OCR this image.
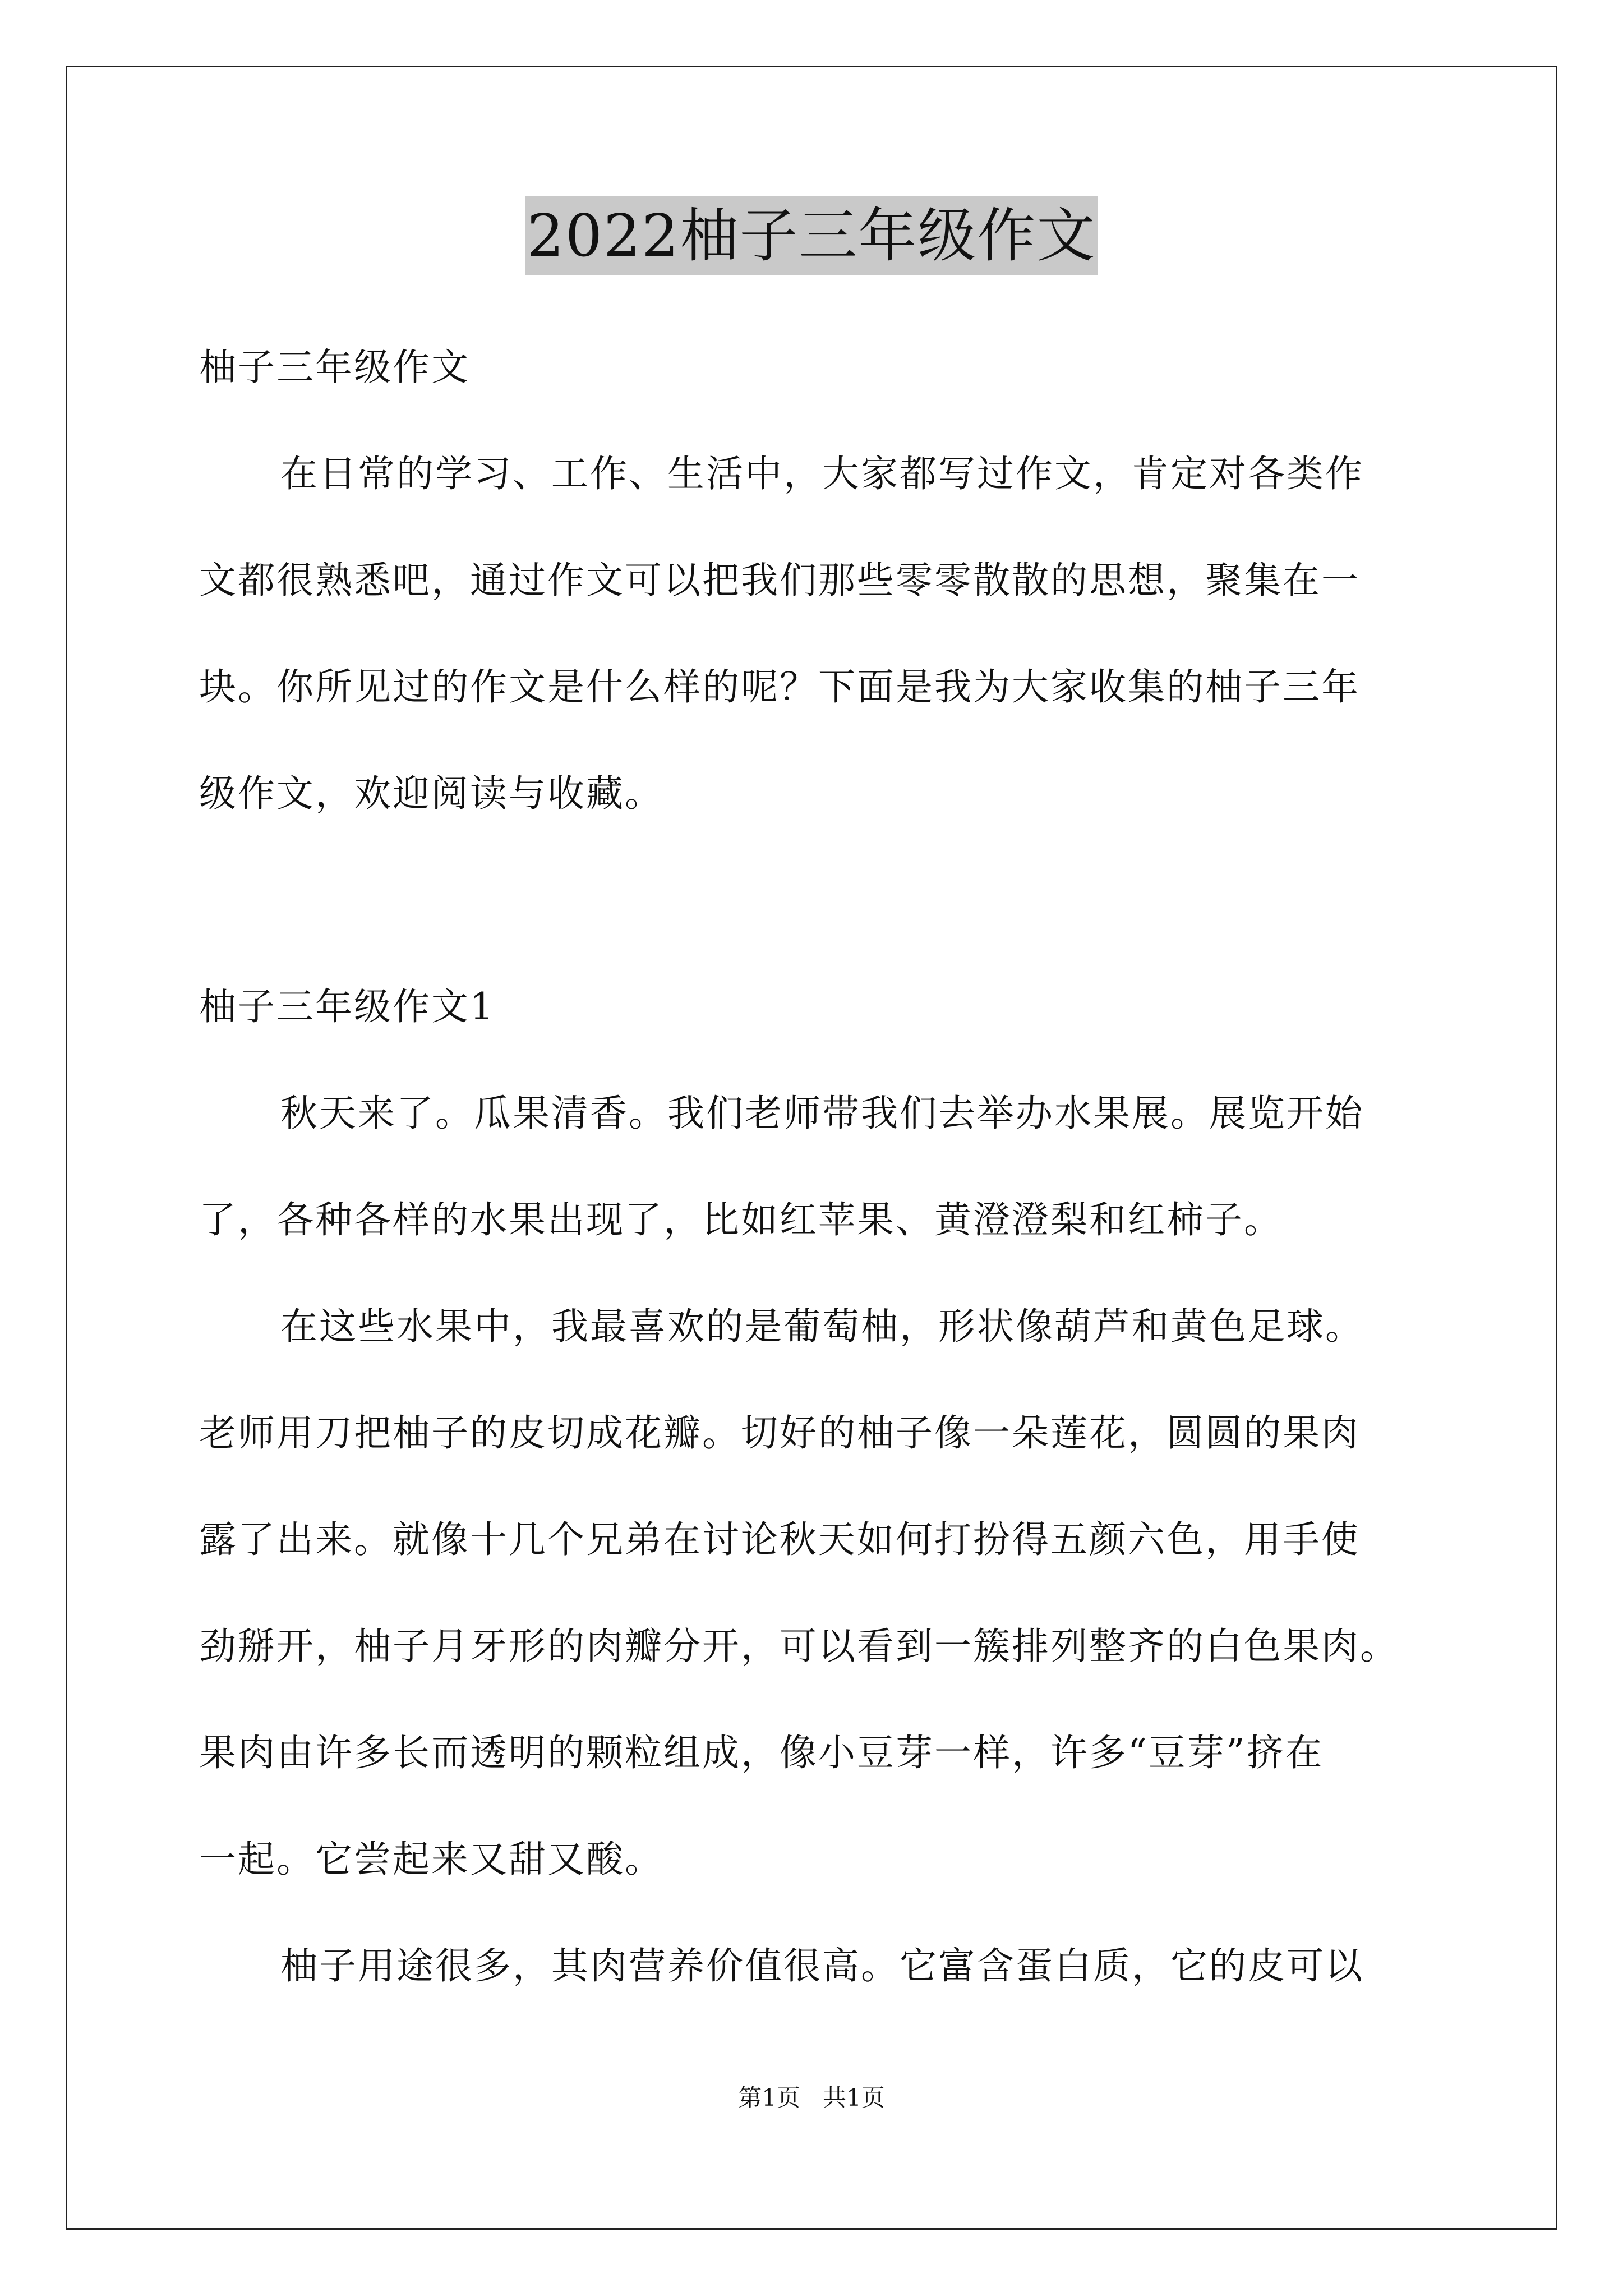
2022柚子三年级作文
柚子三年级作文
在日常的学习、工作、生活中，大家都写过作文，肯定对各类作
文都很熟悉吧，通过作文可以把我们那些零零散散的思想，聚集在一
块。你所见过的作文是什么样的呢？下面是我为大家收集的柚子三年
级作文，欢迎阅读与收藏。
柚子三年级作文1
秋天来了。瓜果清香。我们老师带我们去举办水果展。展览开始
了，各种各样的水果出现了，比如红苹果、黄澄澄梨和红柿子。
在这些水果中，我最喜欢的是葡萄柚，形状像葫芦和黄色足球。
老师用刀把柚子的皮切成花瓣。切好的柚子像一朵莲花，圆圆的果肉
露了出来。就像十几个兄弟在讨论秋天如何打扮得五颜六色，用手使
劲掰开，柚子月牙形的肉瓣分开，可以看到一簇排列整齐的白色果肉。
果肉由许多长而透明的颗粒组成，像小豆芽一样，许多“豆芽”挤在
一起。它尝起来又甜又酸。
柚子用途很多，其肉营养价值很高。它富含蛋白质，它的皮可以
第1页   共1页
